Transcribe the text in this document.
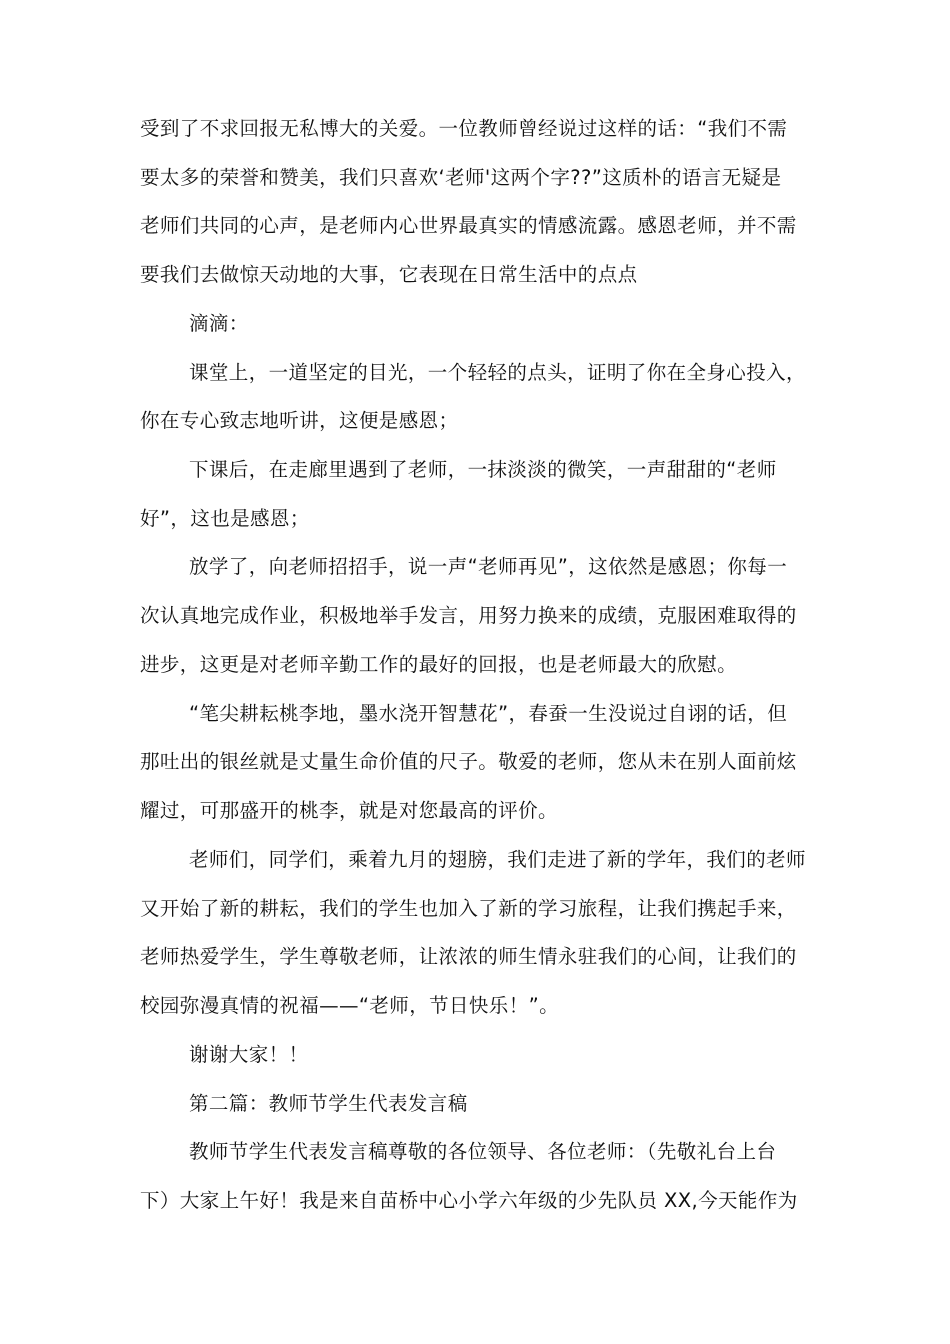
受到了不求回报无私博大的关爱。一位教师曾经说过这样的话：“我们不需
要太多的荣誉和赞美，我们只喜欢‘老师'这两个字??”这质朴的语言无疑是
老师们共同的心声，是老师内心世界最真实的情感流露。感恩老师，并不需
要我们去做惊天动地的大事，它表现在日常生活中的点点
滴滴：
课堂上，一道坚定的目光，一个轻轻的点头，证明了你在全身心投入，
你在专心致志地听讲，这便是感恩；
下课后，在走廊里遇到了老师，一抹淡淡的微笑，一声甜甜的“老师
好”，这也是感恩；
放学了，向老师招招手，说一声“老师再见”，这依然是感恩；你每一
次认真地完成作业，积极地举手发言，用努力换来的成绩，克服困难取得的
进步，这更是对老师辛勤工作的最好的回报，也是老师最大的欣慰。
“笔尖耕耘桃李地，墨水浇开智慧花”，春蚕一生没说过自诩的话，但
那吐出的银丝就是丈量生命价值的尺子。敬爱的老师，您从未在别人面前炫
耀过，可那盛开的桃李，就是对您最高的评价。
老师们，同学们，乘着九月的翅膀，我们走进了新的学年，我们的老师
又开始了新的耕耘，我们的学生也加入了新的学习旅程，让我们携起手来，
老师热爱学生，学生尊敬老师，让浓浓的师生情永驻我们的心间，让我们的
校园弥漫真情的祝福——“老师，节日快乐！”。
谢谢大家！！
第二篇：教师节学生代表发言稿
教师节学生代表发言稿尊敬的各位领导、各位老师：（先敬礼台上台
下）大家上午好！我是来自苗桥中心小学六年级的少先队员 XX,今天能作为
